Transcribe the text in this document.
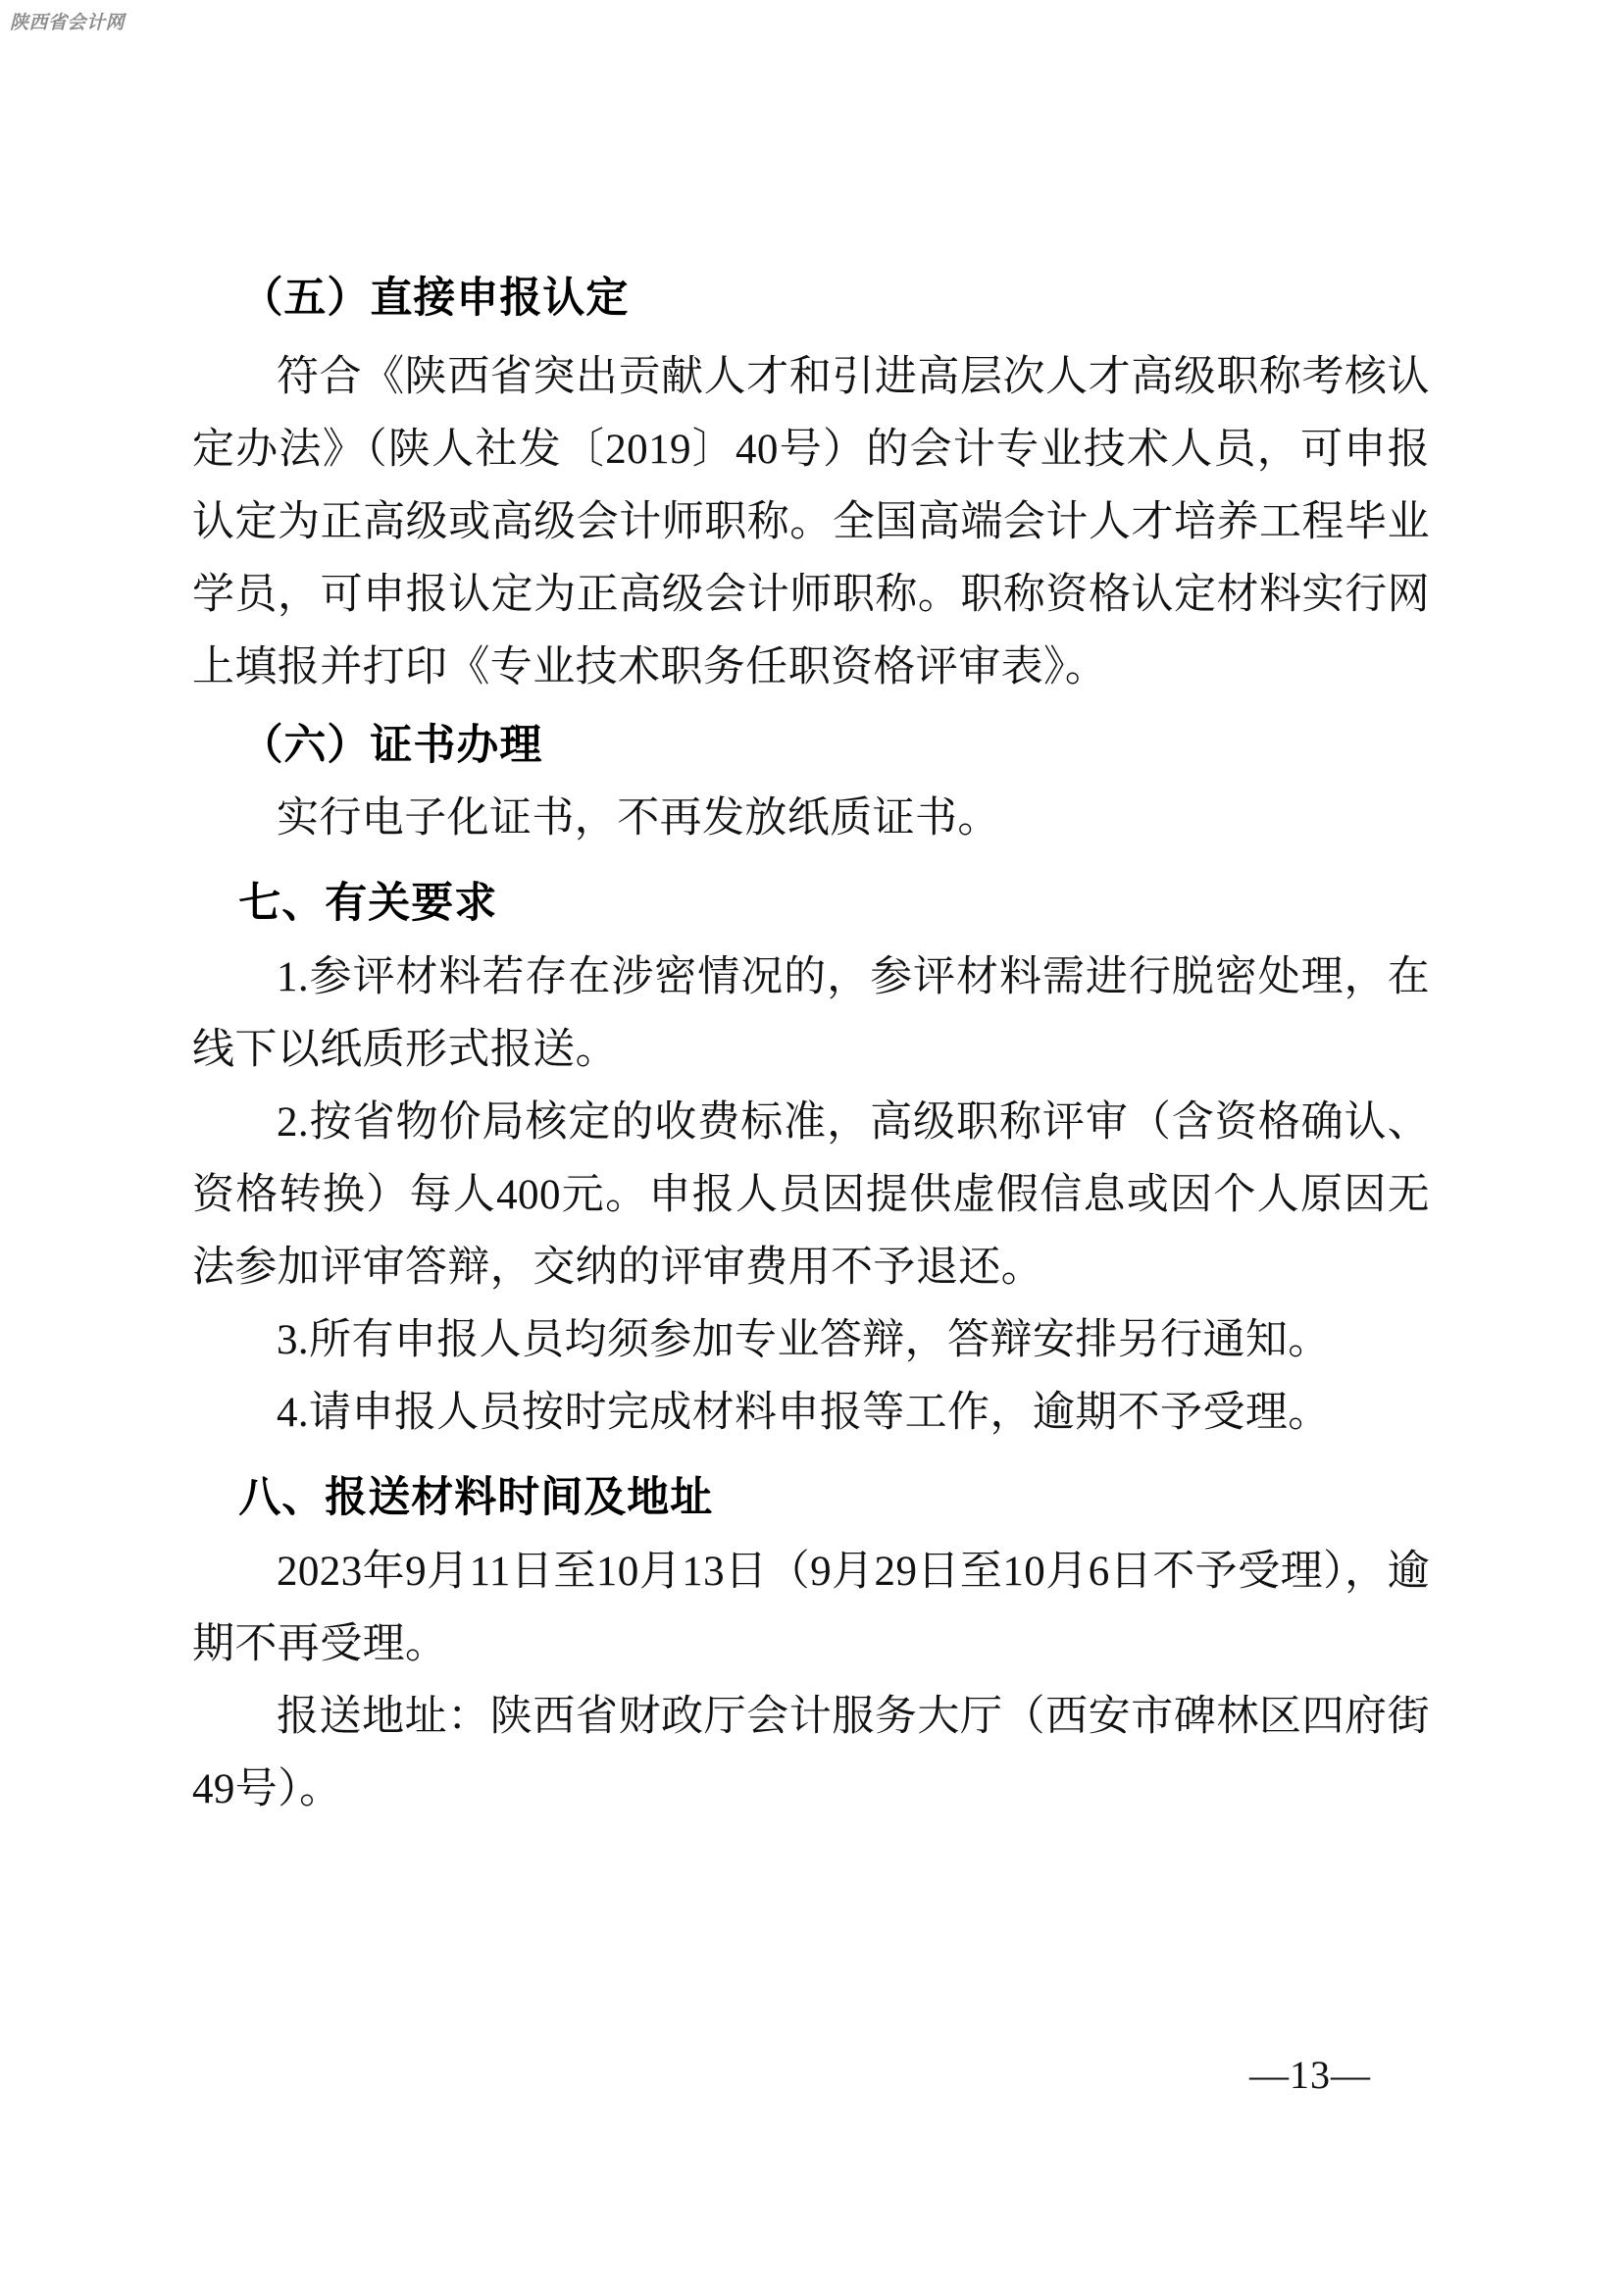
陕西省会计网
（五）直接申报认定

符合《陕西省突出贡献人才和引进高层次人才高级职称考核认定办法》（陕人社发〔2019〕40号）的会计专业技术人员，可申报认定为正高级或高级会计师职称。全国高端会计人才培养工程毕业学员，可申报认定为正高级会计师职称。职称资格认定材料实行网上填报并打印《专业技术职务任职资格评审表》。

（六）证书办理

实行电子化证书，不再发放纸质证书。

七、有关要求

1.参评材料若存在涉密情况的，参评材料需进行脱密处理，在线下以纸质形式报送。

2.按省物价局核定的收费标准，高级职称评审（含资格确认、资格转换）每人400元。申报人员因提供虚假信息或因个人原因无法参加评审答辩，交纳的评审费用不予退还。

3.所有申报人员均须参加专业答辩，答辩安排另行通知。

4.请申报人员按时完成材料申报等工作，逾期不予受理。

八、报送材料时间及地址

2023年9月11日至10月13日（9月29日至10月6日不予受理），逾期不再受理。

报送地址：陕西省财政厅会计服务大厅（西安市碑林区四府街49号）。

—13—
